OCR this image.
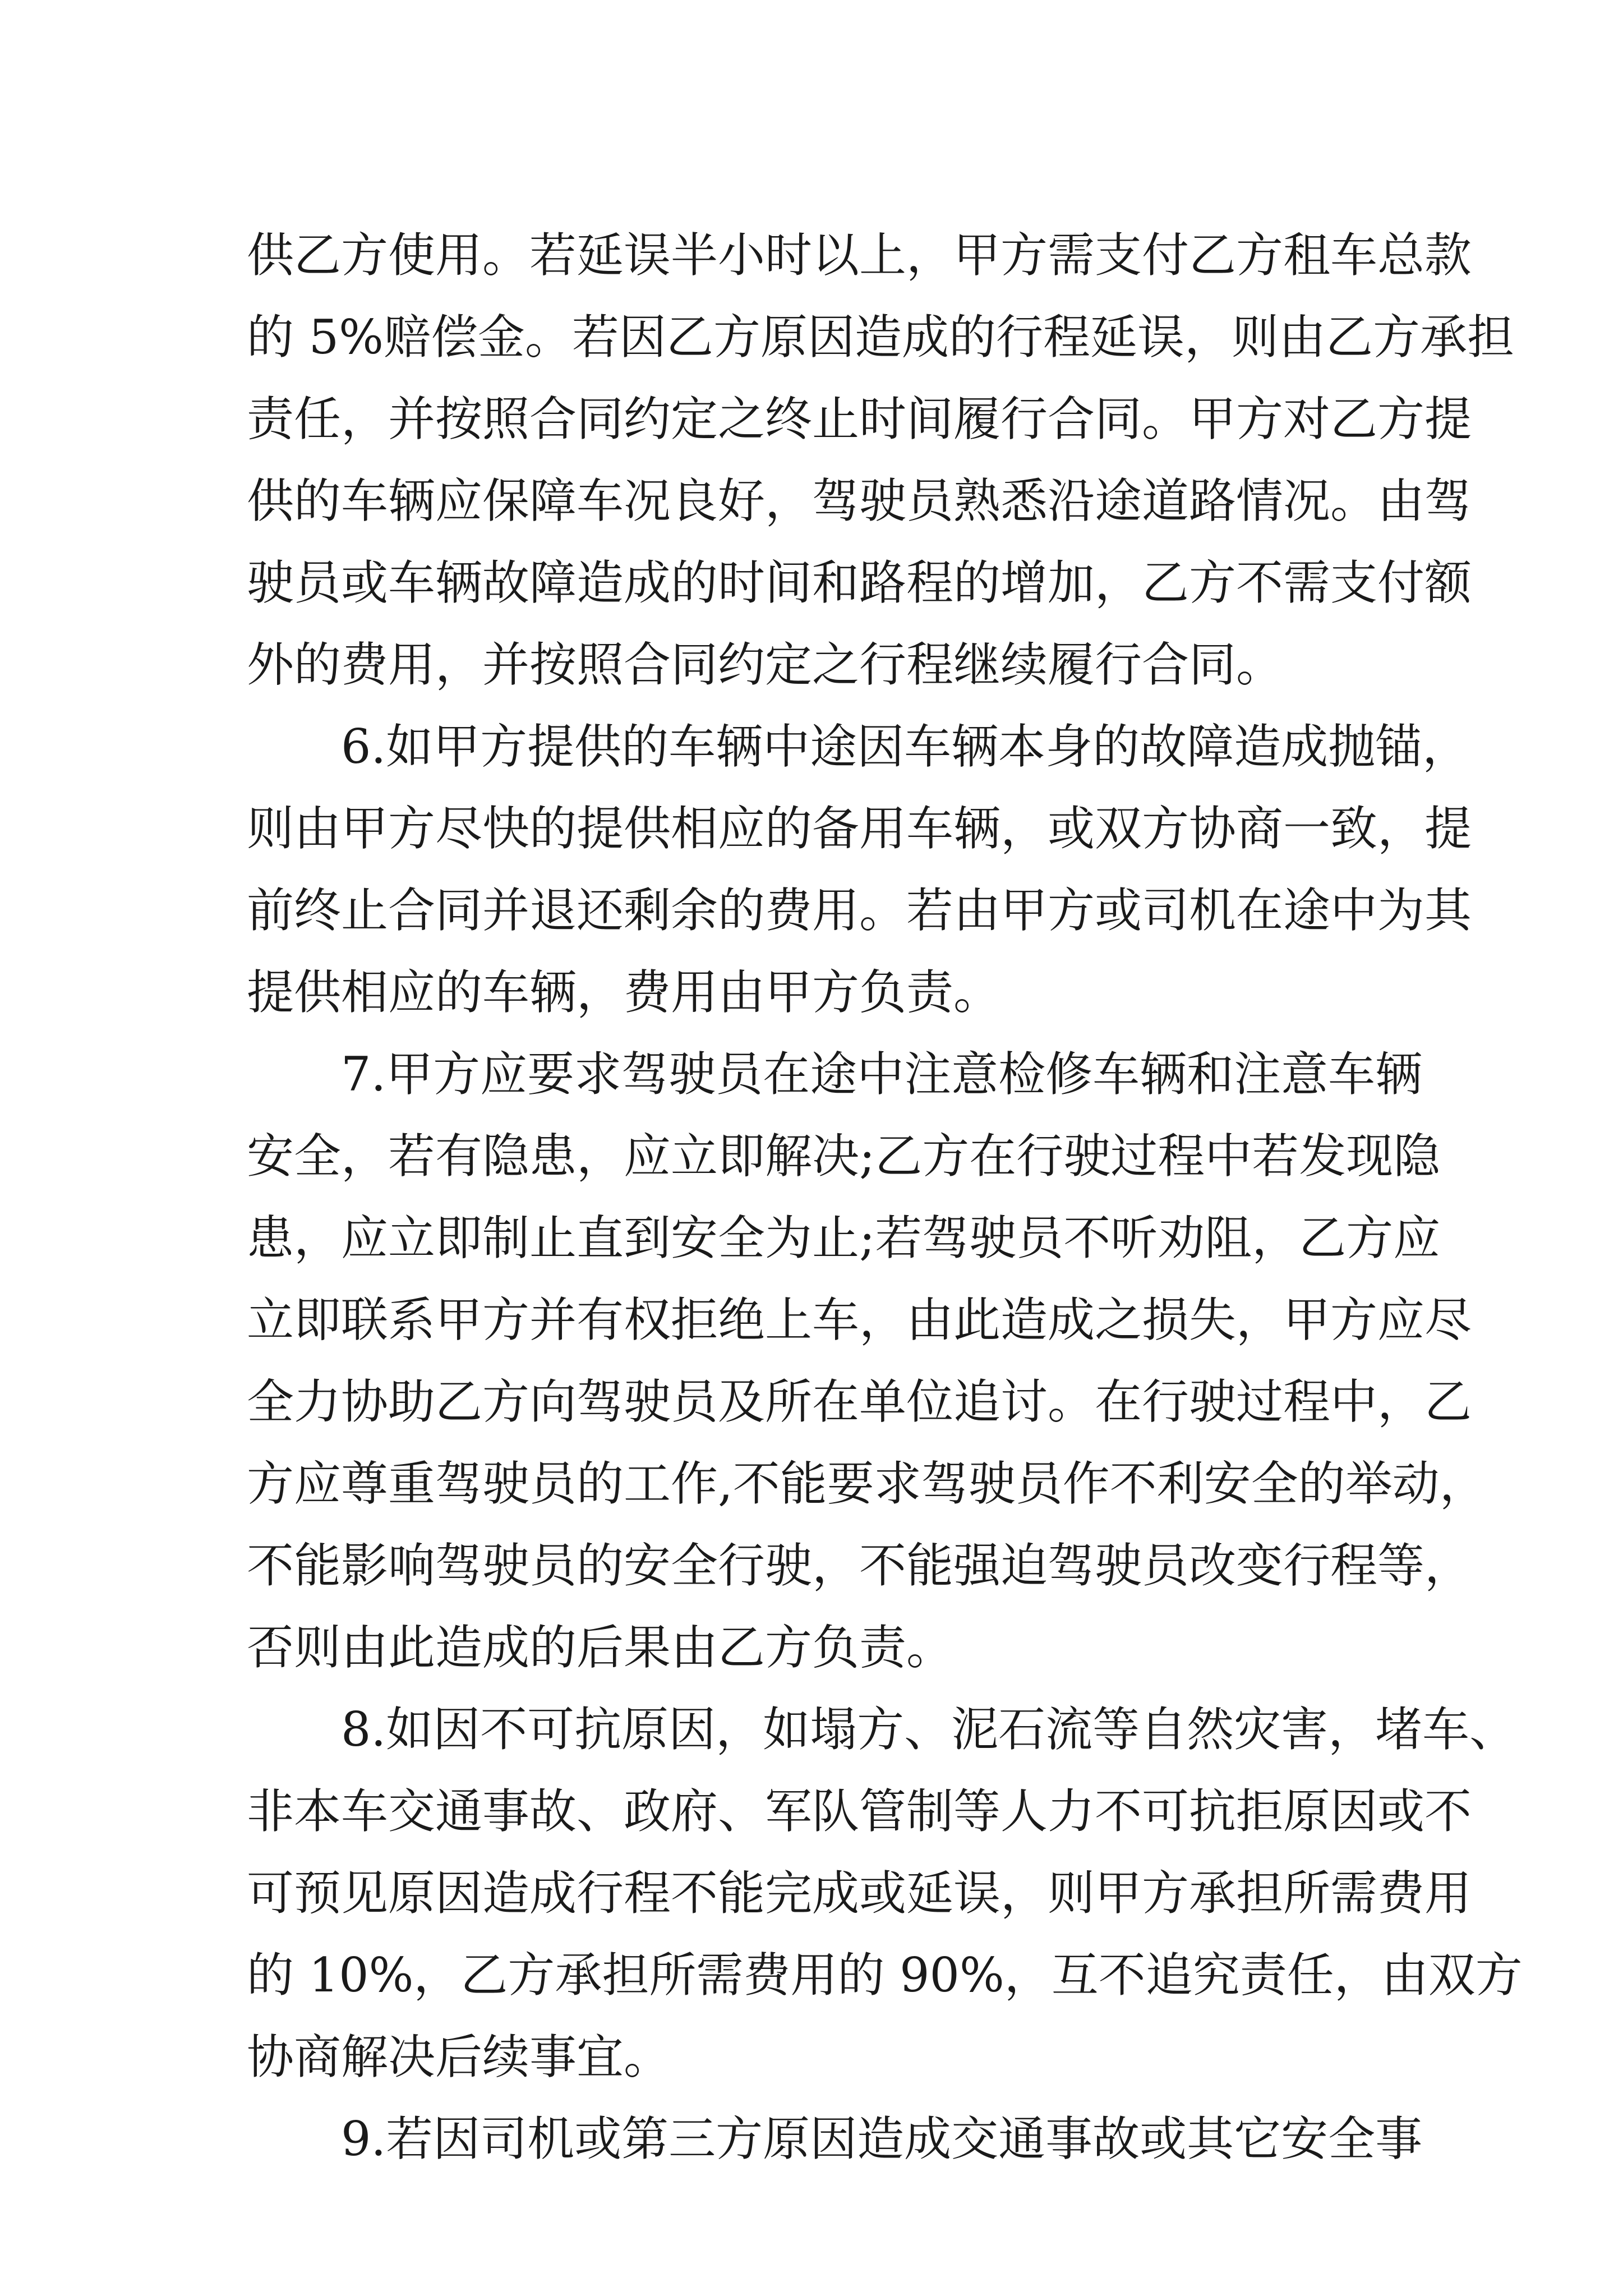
供乙方使用。若延误半小时以上，甲方需支付乙方租车总款
的 5%赔偿金。若因乙方原因造成的行程延误，则由乙方承担
责任，并按照合同约定之终止时间履行合同。甲方对乙方提
供的车辆应保障车况良好，驾驶员熟悉沿途道路情况。由驾
驶员或车辆故障造成的时间和路程的增加，乙方不需支付额
外的费用，并按照合同约定之行程继续履行合同。
6.如甲方提供的车辆中途因车辆本身的故障造成抛锚，
则由甲方尽快的提供相应的备用车辆，或双方协商一致，提
前终止合同并退还剩余的费用。若由甲方或司机在途中为其
提供相应的车辆，费用由甲方负责。
7.甲方应要求驾驶员在途中注意检修车辆和注意车辆
安全，若有隐患，应立即解决;乙方在行驶过程中若发现隐
患，应立即制止直到安全为止;若驾驶员不听劝阻，乙方应
立即联系甲方并有权拒绝上车，由此造成之损失，甲方应尽
全力协助乙方向驾驶员及所在单位追讨。在行驶过程中，乙
方应尊重驾驶员的工作,不能要求驾驶员作不利安全的举动，
不能影响驾驶员的安全行驶，不能强迫驾驶员改变行程等，
否则由此造成的后果由乙方负责。
8.如因不可抗原因，如塌方、泥石流等自然灾害，堵车、
非本车交通事故、政府、军队管制等人力不可抗拒原因或不
可预见原因造成行程不能完成或延误，则甲方承担所需费用
的 10%，乙方承担所需费用的 90%，互不追究责任，由双方
协商解决后续事宜。
9.若因司机或第三方原因造成交通事故或其它安全事
